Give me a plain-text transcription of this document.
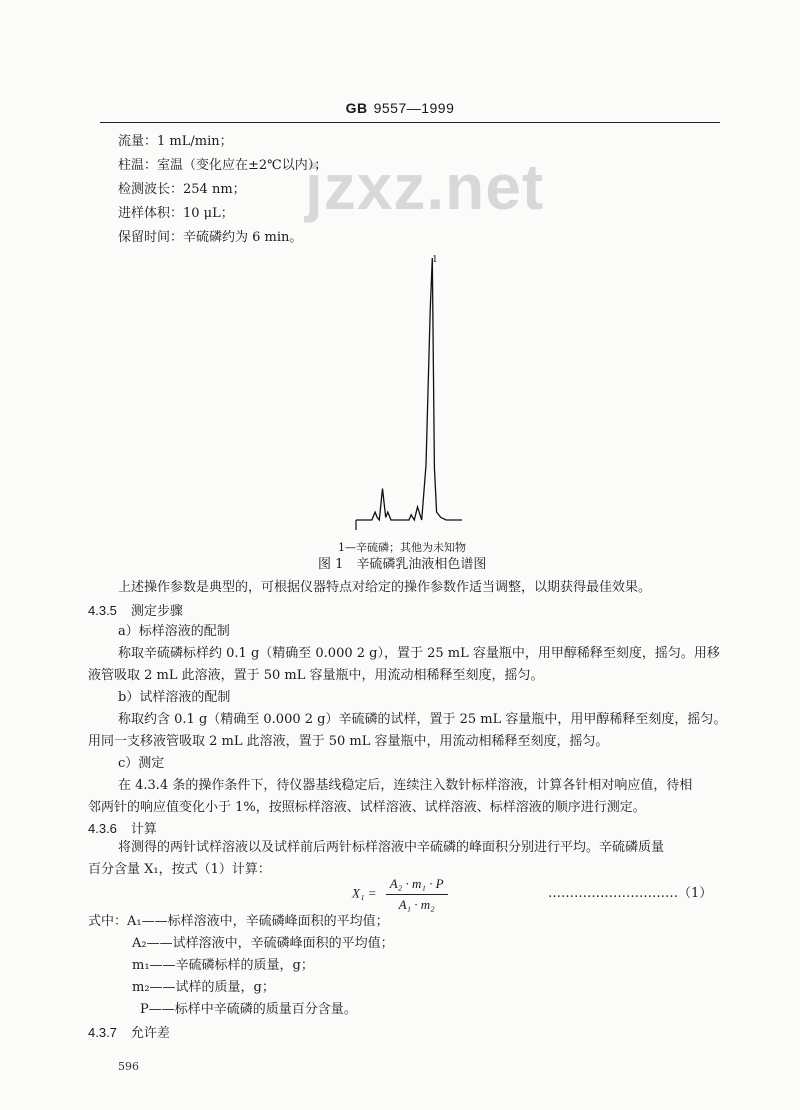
GB 9557—1999
jzxz.net
流量：1 mL/min；
柱温：室温（变化应在±2℃以内）；
检测波长：254 nm；
进样体积：10 μL；
保留时间：辛硫磷约为 6 min。
1
1—辛硫磷；其他为未知物
图 1　辛硫磷乳油液相色谱图
上述操作参数是典型的，可根据仪器特点对给定的操作参数作适当调整，以期获得最佳效果。
4.3.5 测定步骤
a）标样溶液的配制
称取辛硫磷标样约 0.1 g（精确至 0.000 2 g），置于 25 mL 容量瓶中，用甲醇稀释至刻度，摇匀。用移
液管吸取 2 mL 此溶液，置于 50 mL 容量瓶中，用流动相稀释至刻度，摇匀。
b）试样溶液的配制
称取约含 0.1 g（精确至 0.000 2 g）辛硫磷的试样，置于 25 mL 容量瓶中，用甲醇稀释至刻度，摇匀。
用同一支移液管吸取 2 mL 此溶液，置于 50 mL 容量瓶中，用流动相稀释至刻度，摇匀。
c）测定
在 4.3.4 条的操作条件下，待仪器基线稳定后，连续注入数针标样溶液，计算各针相对响应值，待相
邻两针的响应值变化小于 1%，按照标样溶液、试样溶液、试样溶液、标样溶液的顺序进行测定。
4.3.6 计算
将测得的两针试样溶液以及试样前后两针标样溶液中辛硫磷的峰面积分别进行平均。辛硫磷质量
百分含量 X₁，按式（1）计算：
$X_1 = \frac{\text{A₂ · m₁ · P}}{\text{A₁ · m₂}}$	…………………………（1）
式中：A₁——标样溶液中，辛硫磷峰面积的平均值；
A₂——试样溶液中，辛硫磷峰面积的平均值；
m₁——辛硫磷标样的质量，g；
m₂——试样的质量，g；
P——标样中辛硫磷的质量百分含量。
4.3.7 允许差
596
